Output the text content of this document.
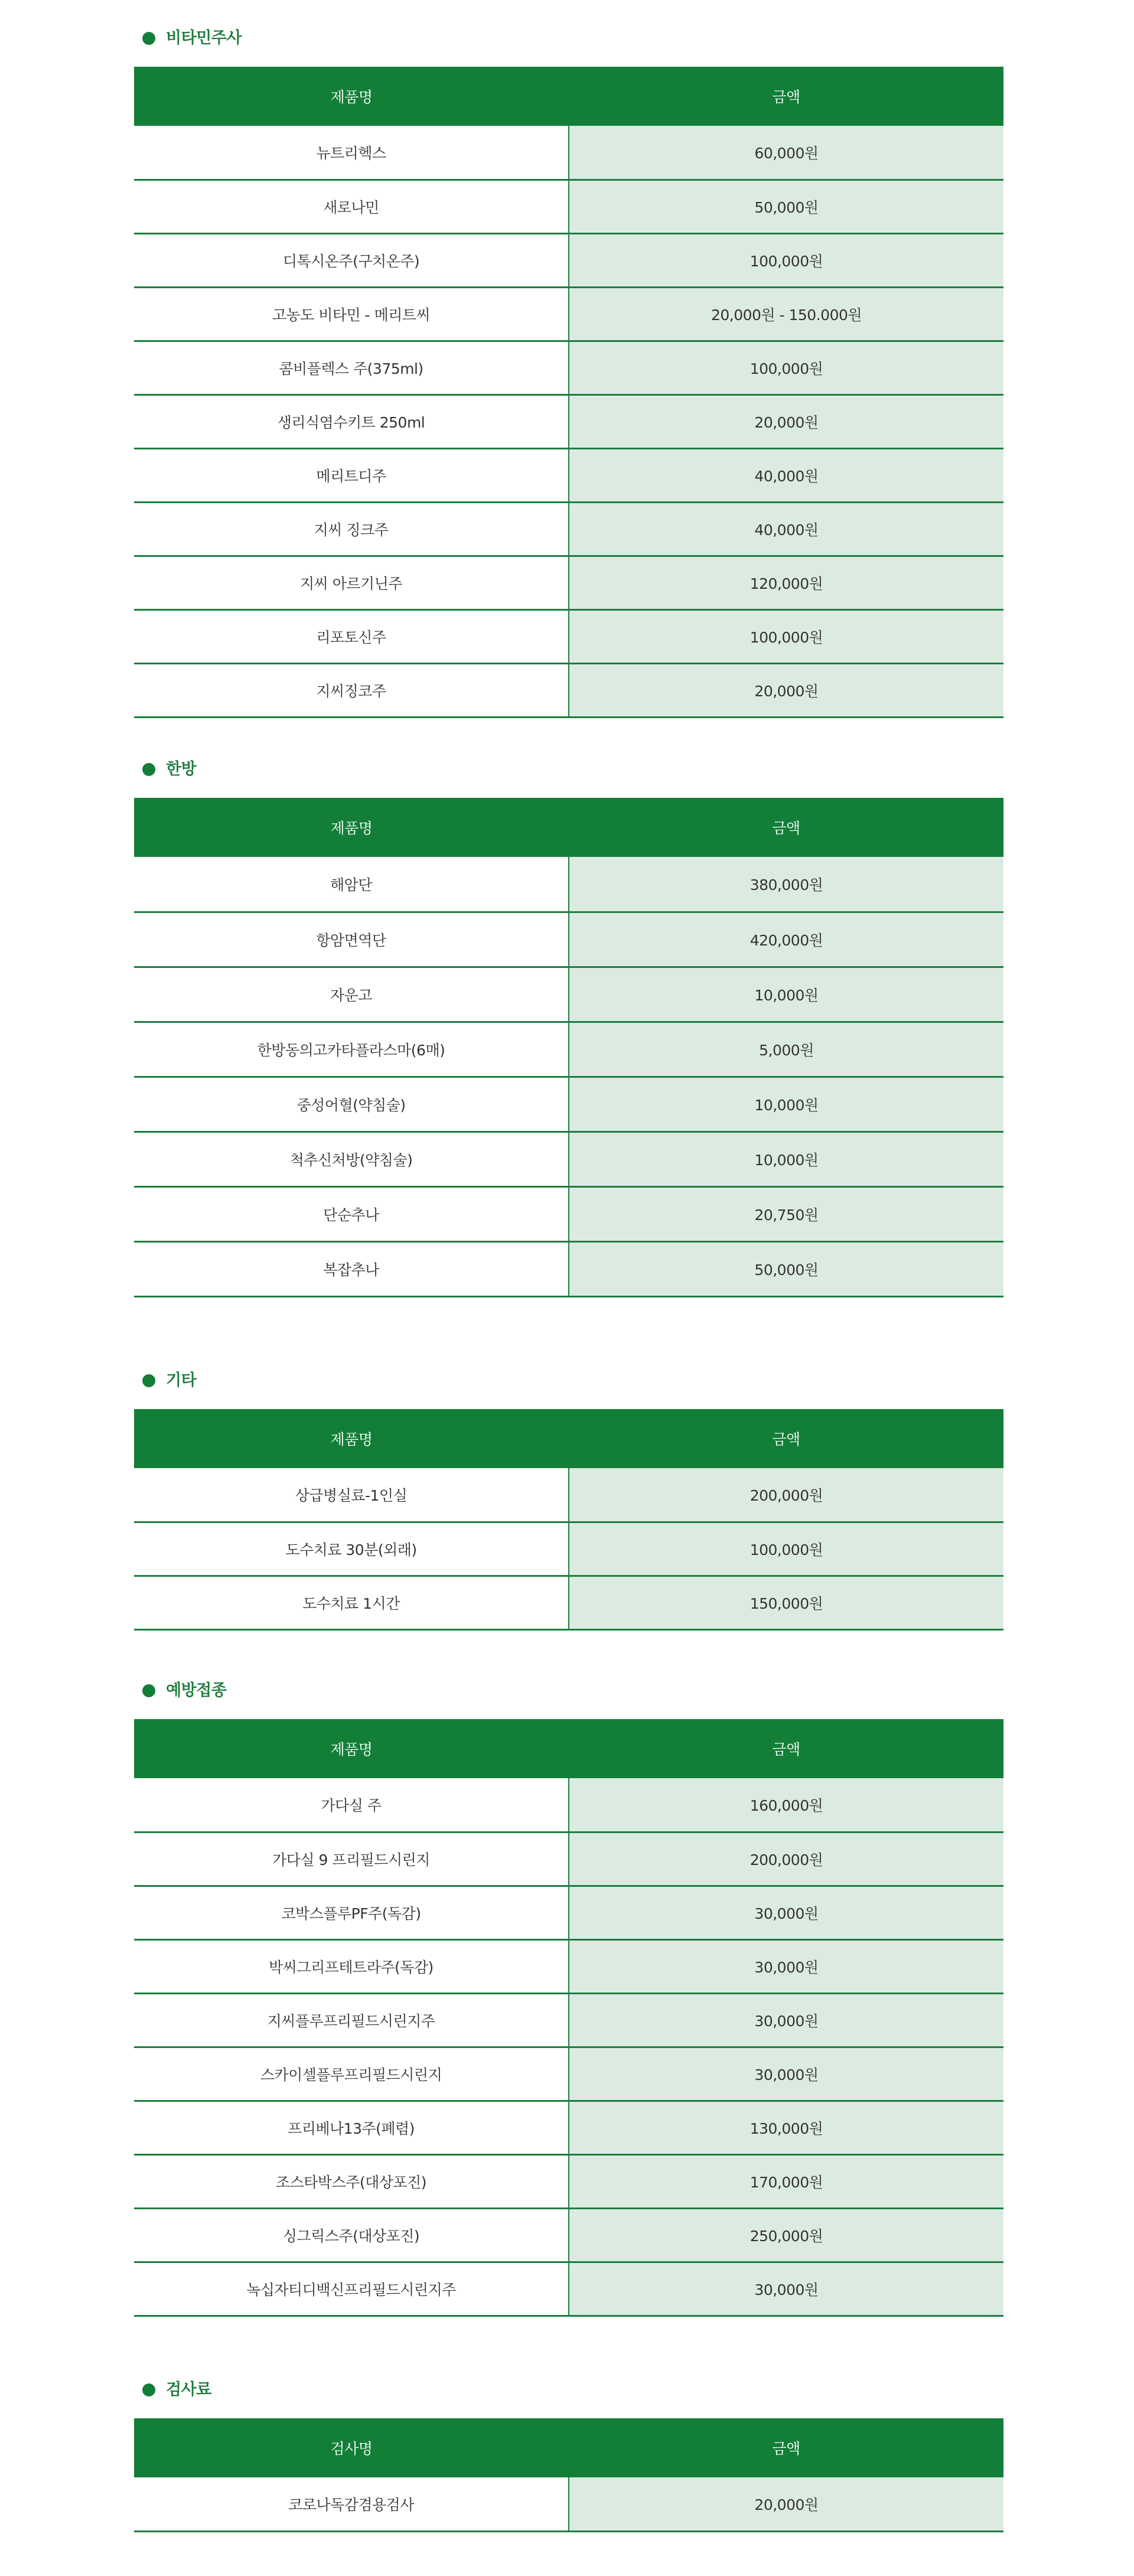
비타민주사
제품명	금액
뉴트리헥스	60,000원
새로나민	50,000원
디톡시온주(구치온주)	100,000원
고농도 비타민 - 메리트씨	20,000원 - 150.000원
콤비플렉스 주(375ml)	100,000원
생리식염수키트 250ml	20,000원
메리트디주	40,000원
지씨 징크주	40,000원
지씨 아르기닌주	120,000원
리포토신주	100,000원
지씨징코주	20,000원
한방
제품명	금액
해암단	380,000원
항암면역단	420,000원
자운고	10,000원
한방동의고카타플라스마(6매)	5,000원
중성어혈(약침술)	10,000원
척추신처방(약침술)	10,000원
단순추나	20,750원
복잡추나	50,000원
기타
제품명	금액
상급병실료-1인실	200,000원
도수치료 30분(외래)	100,000원
도수치료 1시간	150,000원
예방접종
제품명	금액
가다실 주	160,000원
가다실 9 프리필드시린지	200,000원
코박스플루PF주(독감)	30,000원
박씨그리프테트라주(독감)	30,000원
지씨플루프리필드시린지주	30,000원
스카이셀플루프리필드시린지	30,000원
프리베나13주(폐렴)	130,000원
조스타박스주(대상포진)	170,000원
싱그릭스주(대상포진)	250,000원
녹십자티디백신프리필드시린지주	30,000원
검사료
검사명	금액
코로나독감겸용검사	20,000원
